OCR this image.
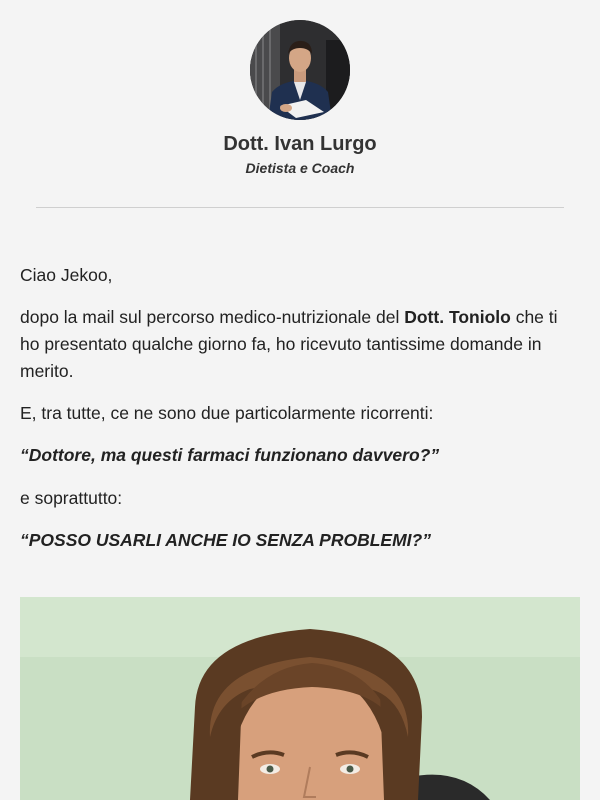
Dott. Ivan Lurgo
Dietista e Coach

Ciao Jekoo,

dopo la mail sul percorso medico-nutrizionale del Dott. Toniolo che ti ho presentato qualche giorno fa, ho ricevuto tantissime domande in merito.

E, tra tutte, ce ne sono due particolarmente ricorrenti:

“Dottore, ma questi farmaci funzionano davvero?”

e soprattutto:

“POSSO USARLI ANCHE IO SENZA PROBLEMI?”
